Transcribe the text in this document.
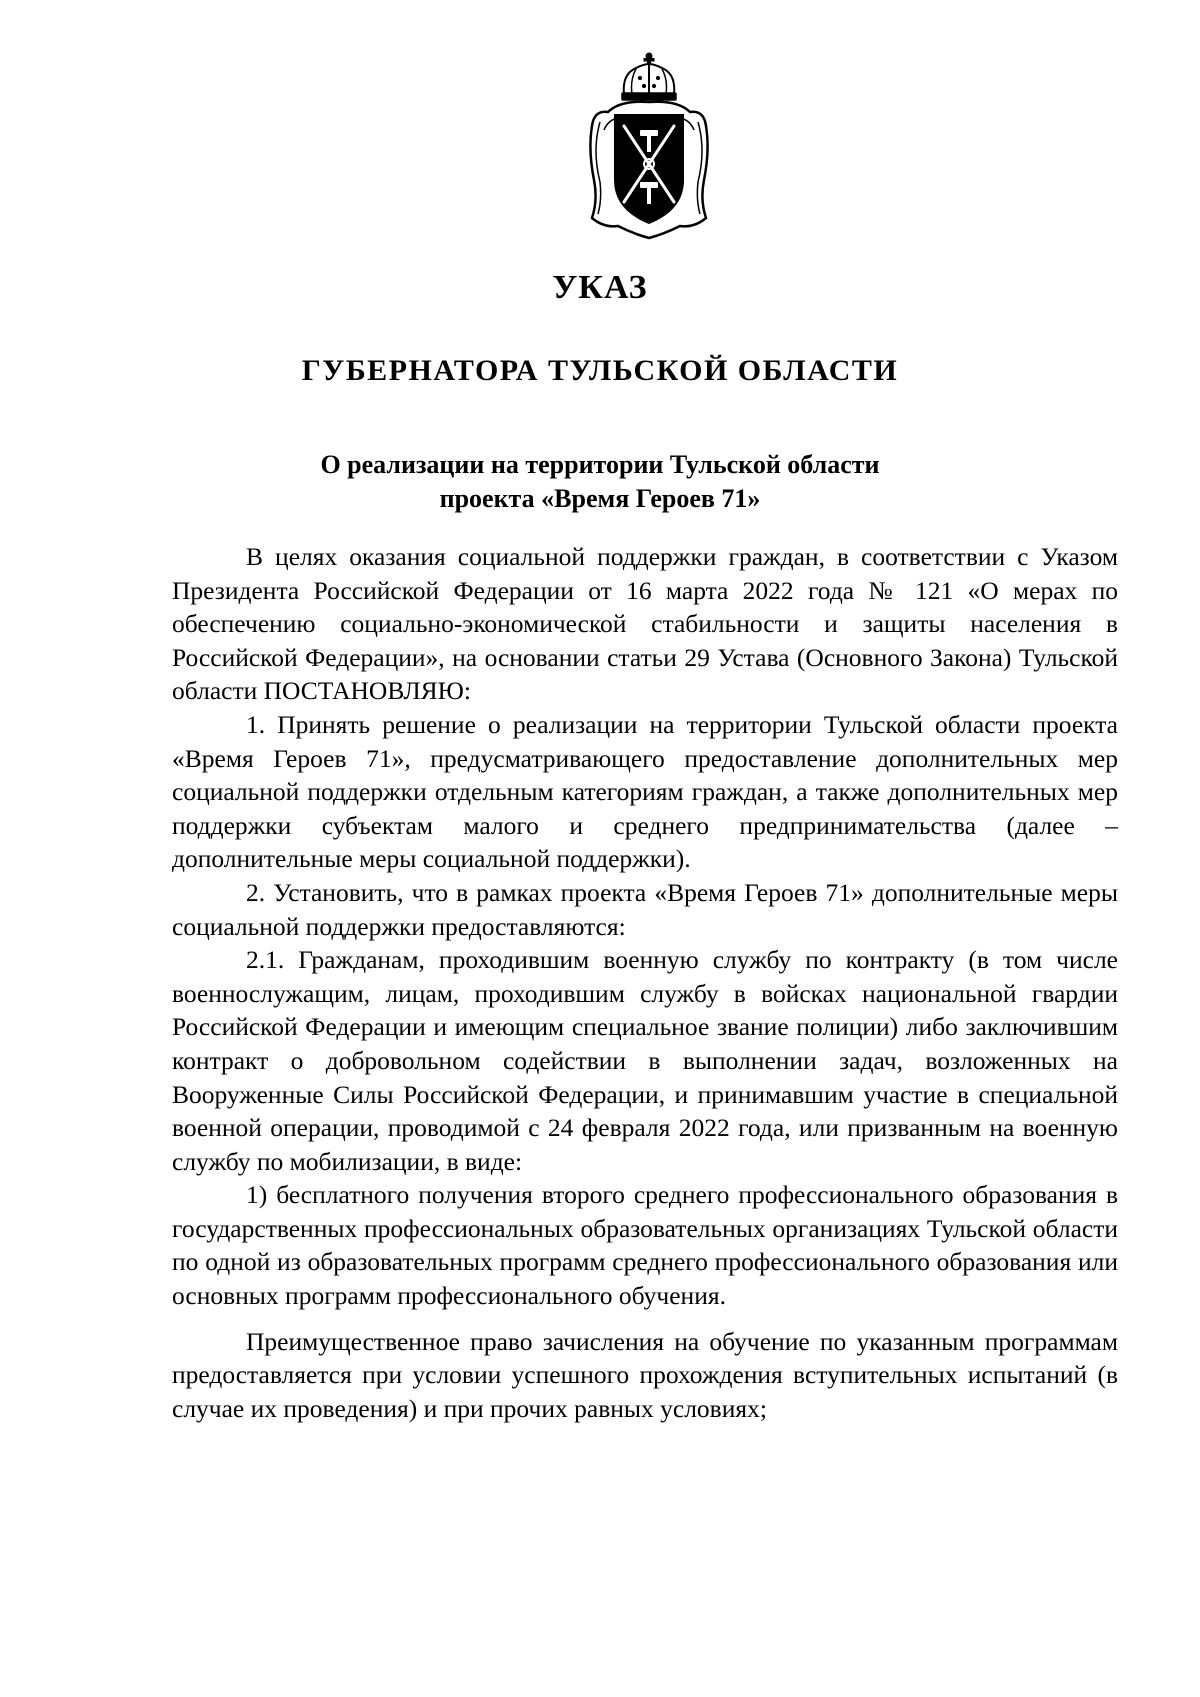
УКАЗ
ГУБЕРНАТОРА ТУЛЬСКОЙ ОБЛАСТИ
О реализации на территории Тульской области
проекта «Время Героев 71»

В целях оказания социальной поддержки граждан, в соответствии с Указом Президента Российской Федерации от 16 марта 2022 года № 121 «О мерах по обеспечению социально-экономической стабильности и защиты населения в Российской Федерации», на основании статьи 29 Устава (Основного Закона) Тульской области ПОСТАНОВЛЯЮ:

1. Принять решение о реализации на территории Тульской области проекта «Время Героев 71», предусматривающего предоставление дополнительных мер социальной поддержки отдельным категориям граждан, а также дополнительных мер поддержки субъектам малого и среднего предпринимательства (далее – дополнительные меры социальной поддержки).

2. Установить, что в рамках проекта «Время Героев 71» дополнительные меры социальной поддержки предоставляются:

2.1. Гражданам, проходившим военную службу по контракту (в том числе военнослужащим, лицам, проходившим службу в войсках национальной гвардии Российской Федерации и имеющим специальное звание полиции) либо заключившим контракт о добровольном содействии в выполнении задач, возложенных на Вооруженные Силы Российской Федерации, и принимавшим участие в специальной военной операции, проводимой с 24 февраля 2022 года, или призванным на военную службу по мобилизации, в виде:

1) бесплатного получения второго среднего профессионального образования в государственных профессиональных образовательных организациях Тульской области по одной из образовательных программ среднего профессионального образования или основных программ профессионального обучения.

Преимущественное право зачисления на обучение по указанным программам предоставляется при условии успешного прохождения вступительных испытаний (в случае их проведения) и при прочих равных условиях;
